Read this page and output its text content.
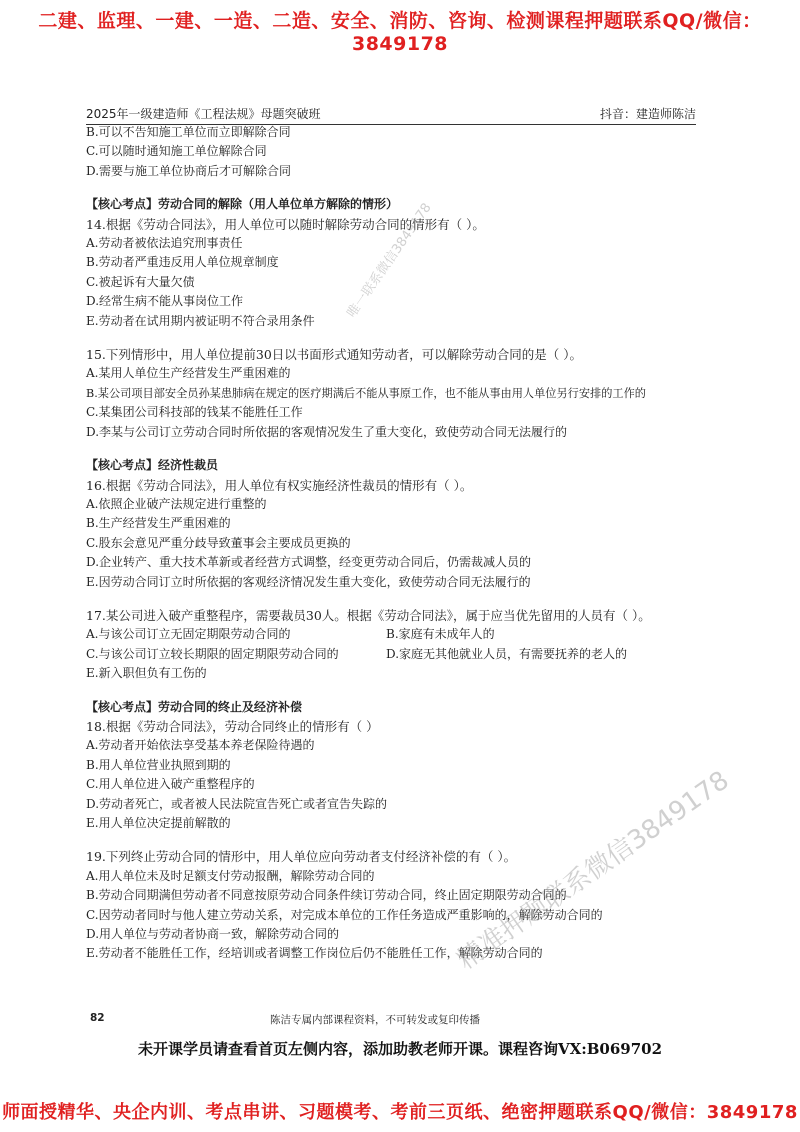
二建、监理、一建、一造、二造、安全、消防、咨询、检测课程押题联系QQ/微信：3849178
2025年一级建造师《工程法规》母题突破班	抖音：建造师陈洁
B.可以不告知施工单位而立即解除合同
C.可以随时通知施工单位解除合同
D.需要与施工单位协商后才可解除合同
【核心考点】劳动合同的解除（用人单位单方解除的情形）
14.根据《劳动合同法》，用人单位可以随时解除劳动合同的情形有（ ）。
A.劳动者被依法追究刑事责任
B.劳动者严重违反用人单位规章制度
C.被起诉有大量欠债
D.经常生病不能从事岗位工作
E.劳动者在试用期内被证明不符合录用条件
15.下列情形中，用人单位提前30日以书面形式通知劳动者，可以解除劳动合同的是（ ）。
A.某用人单位生产经营发生严重困难的
B.某公司项目部安全员孙某患肺病在规定的医疗期满后不能从事原工作，也不能从事由用人单位另行安排的工作的
C.某集团公司科技部的钱某不能胜任工作
D.李某与公司订立劳动合同时所依据的客观情况发生了重大变化，致使劳动合同无法履行的
【核心考点】经济性裁员
16.根据《劳动合同法》，用人单位有权实施经济性裁员的情形有（ ）。
A.依照企业破产法规定进行重整的
B.生产经营发生严重困难的
C.股东会意见严重分歧导致董事会主要成员更换的
D.企业转产、重大技术革新或者经营方式调整，经变更劳动合同后，仍需裁减人员的
E.因劳动合同订立时所依据的客观经济情况发生重大变化，致使劳动合同无法履行的
17.某公司进入破产重整程序，需要裁员30人。根据《劳动合同法》，属于应当优先留用的人员有（ ）。
A.与该公司订立无固定期限劳动合同的	B.家庭有未成年人的
C.与该公司订立较长期限的固定期限劳动合同的	D.家庭无其他就业人员，有需要抚养的老人的
E.新入职但负有工伤的
【核心考点】劳动合同的终止及经济补偿
18.根据《劳动合同法》，劳动合同终止的情形有（ ）
A.劳动者开始依法享受基本养老保险待遇的
B.用人单位营业执照到期的
C.用人单位进入破产重整程序的
D.劳动者死亡，或者被人民法院宣告死亡或者宣告失踪的
E.用人单位决定提前解散的
19.下列终止劳动合同的情形中，用人单位应向劳动者支付经济补偿的有（ ）。
A.用人单位未及时足额支付劳动报酬，解除劳动合同的
B.劳动合同期满但劳动者不同意按原劳动合同条件续订劳动合同，终止固定期限劳动合同的
C.因劳动者同时与他人建立劳动关系，对完成本单位的工作任务造成严重影响的，解除劳动合同的
D.用人单位与劳动者协商一致，解除劳动合同的
E.劳动者不能胜任工作，经培训或者调整工作岗位后仍不能胜任工作，解除劳动合同的
唯一联系微信3849178
精准押题联系微信3849178
82	陈洁专属内部课程资料，不可转发或复印传播
未开课学员请查看首页左侧内容，添加助教老师开课。课程咨询VX:B069702
师面授精华、央企内训、考点串讲、习题模考、考前三页纸、绝密押题联系QQ/微信：3849178
